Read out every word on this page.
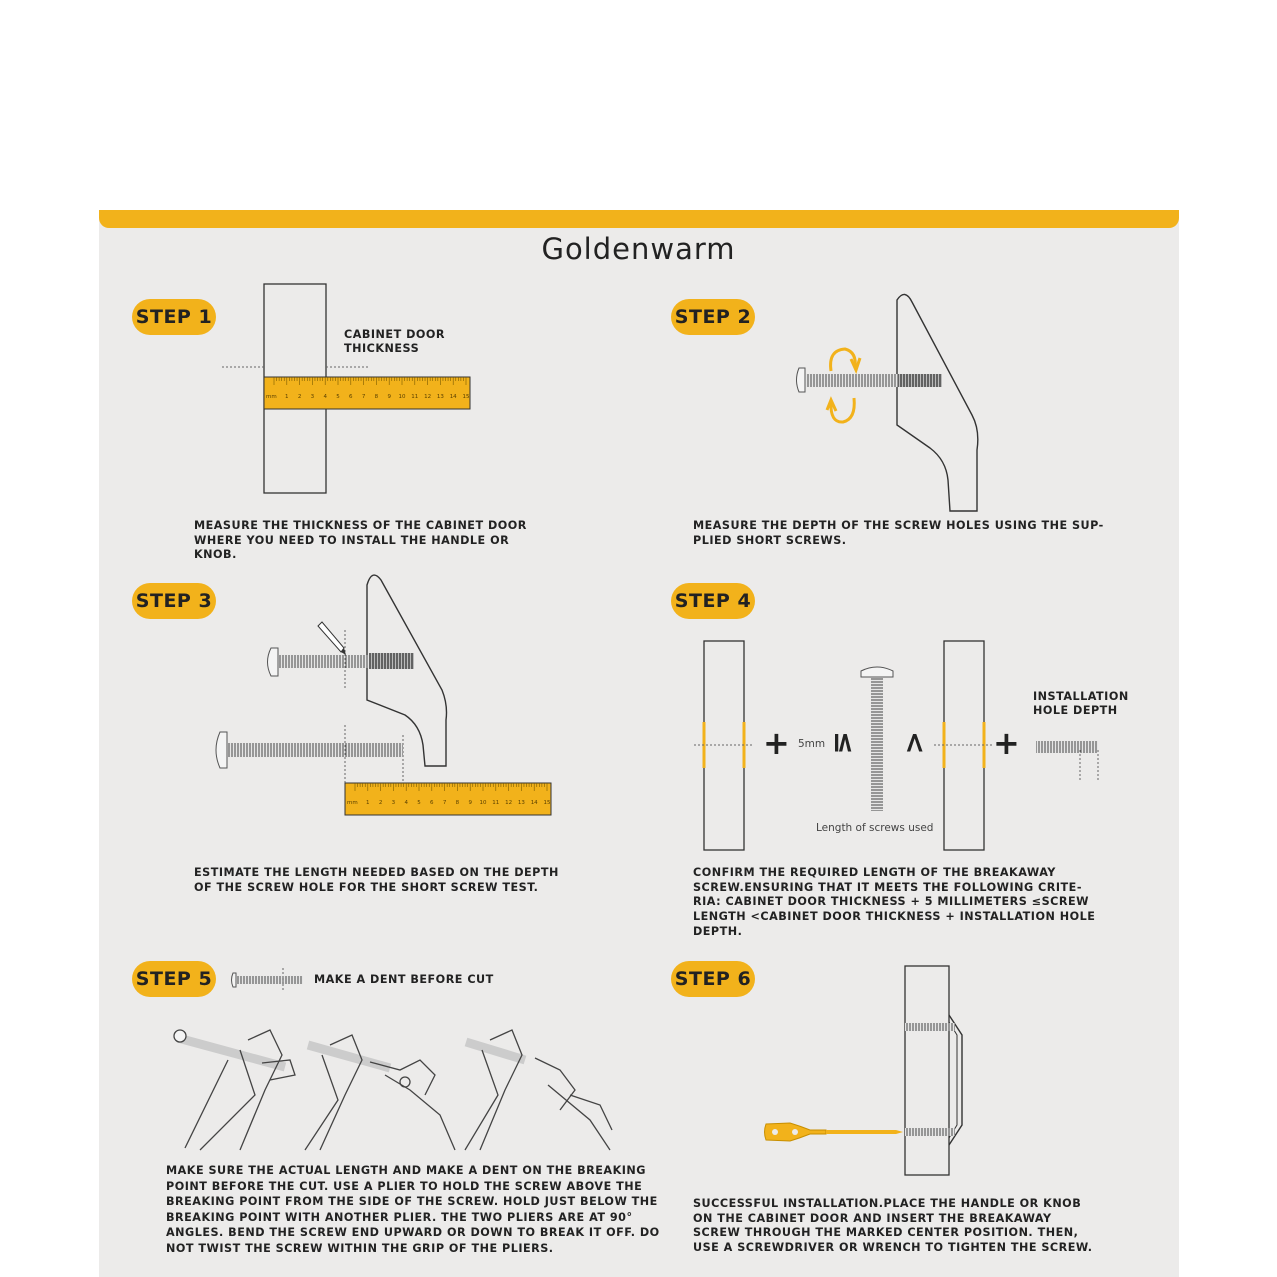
Goldenwarm
STEP 1	STEP 2
STEP 3	STEP 4
STEP 5	STEP 6
MEASURE THE THICKNESS OF THE CABINET DOOR
WHERE YOU NEED TO INSTALL THE HANDLE OR
KNOB.
MEASURE THE DEPTH OF THE SCREW HOLES USING THE SUP-
PLIED SHORT SCREWS.
ESTIMATE THE LENGTH NEEDED BASED ON THE DEPTH
OF THE SCREW HOLE FOR THE SHORT SCREW TEST.
CONFIRM THE REQUIRED LENGTH OF THE BREAKAWAY
SCREW.ENSURING THAT IT MEETS THE FOLLOWING CRITE-
RIA: CABINET DOOR THICKNESS + 5 MILLIMETERS ≤SCREW
LENGTH <CABINET DOOR THICKNESS + INSTALLATION HOLE
DEPTH.
MAKE SURE THE ACTUAL LENGTH AND MAKE A DENT ON THE BREAKING
POINT BEFORE THE CUT. USE A PLIER TO HOLD THE SCREW ABOVE THE
BREAKING POINT FROM THE SIDE OF THE SCREW. HOLD JUST BELOW THE
BREAKING POINT WITH ANOTHER PLIER. THE TWO PLIERS ARE AT 90°
ANGLES. BEND THE SCREW END UPWARD OR DOWN TO BREAK IT OFF. DO
NOT TWIST THE SCREW WITHIN THE GRIP OF THE PLIERS.
SUCCESSFUL INSTALLATION.PLACE THE HANDLE OR KNOB
ON THE CABINET DOOR AND INSERT THE BREAKAWAY
SCREW THROUGH THE MARKED CENTER POSITION. THEN,
USE A SCREWDRIVER OR WRENCH TO TIGHTEN THE SCREW.
CABINET DOOR
THICKNESS
INSTALLATION
HOLE DEPTH
5mm
Length of screws used
MAKE A DENT BEFORE CUT
+ ≤ < +
mm 1 2 3 4 5 6 7 8 9 10 11 12 13 14 15
mm 1 2 3 4 5 6 7 8 9 10 11 12 13 14 15
